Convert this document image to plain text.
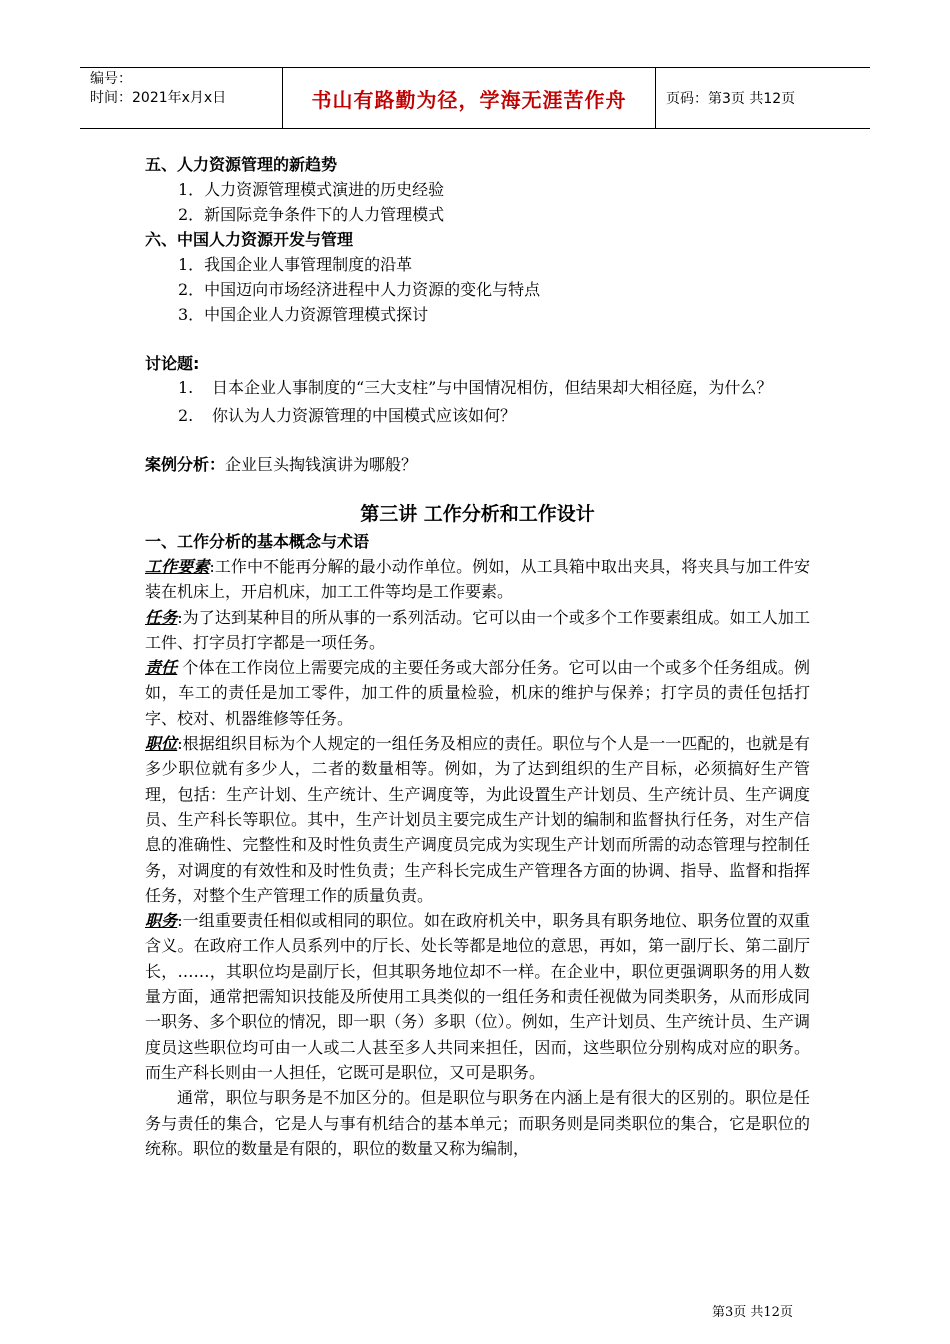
编号：
时间：2021年x月x日	书山有路勤为径，学海无涯苦作舟	页码：第3页 共12页
五、人力资源管理的新趋势
1．人力资源管理模式演进的历史经验
2．新国际竞争条件下的人力管理模式
六、中国人力资源开发与管理
1．我国企业人事管理制度的沿革
2．中国迈向市场经济进程中人力资源的变化与特点
3．中国企业人力资源管理模式探讨
讨论题:
1.	日本企业人事制度的“三大支柱”与中国情况相仿，但结果却大相径庭，为什么？
2.	你认为人力资源管理的中国模式应该如何？
案例分析：企业巨头掏钱演讲为哪般？
第三讲 工作分析和工作设计
一、工作分析的基本概念与术语
工作要素:工作中不能再分解的最小动作单位。例如，从工具箱中取出夹具，将夹具与加工件安装在机床上，开启机床，加工工件等均是工作要素。
任务:为了达到某种目的所从事的一系列活动。它可以由一个或多个工作要素组成。如工人加工工件、打字员打字都是一项任务。
责任 个体在工作岗位上需要完成的主要任务或大部分任务。它可以由一个或多个任务组成。例如，车工的责任是加工零件，加工件的质量检验，机床的维护与保养；打字员的责任包括打字、校对、机器维修等任务。
职位:根据组织目标为个人规定的一组任务及相应的责任。职位与个人是一一匹配的，也就是有多少职位就有多少人，二者的数量相等。例如，为了达到组织的生产目标，必须搞好生产管理，包括：生产计划、生产统计、生产调度等，为此设置生产计划员、生产统计员、生产调度员、生产科长等职位。其中，生产计划员主要完成生产计划的编制和监督执行任务，对生产信息的准确性、完整性和及时性负责生产调度员完成为实现生产计划而所需的动态管理与控制任务，对调度的有效性和及时性负责；生产科长完成生产管理各方面的协调、指导、监督和指挥任务，对整个生产管理工作的质量负责。
职务:一组重要责任相似或相同的职位。如在政府机关中，职务具有职务地位、职务位置的双重含义。在政府工作人员系列中的厅长、处长等都是地位的意思，再如，第一副厅长、第二副厅长，……，其职位均是副厅长，但其职务地位却不一样。在企业中，职位更强调职务的用人数量方面，通常把需知识技能及所使用工具类似的一组任务和责任视做为同类职务，从而形成同一职务、多个职位的情况，即一职（务）多职（位）。例如，生产计划员、生产统计员、生产调度员这些职位均可由一人或二人甚至多人共同来担任，因而，这些职位分别构成对应的职务。而生产科长则由一人担任，它既可是职位，又可是职务。
通常，职位与职务是不加区分的。但是职位与职务在内涵上是有很大的区别的。职位是任务与责任的集合，它是人与事有机结合的基本单元；而职务则是同类职位的集合，它是职位的统称。职位的数量是有限的，职位的数量又称为编制，
第3页 共12页
